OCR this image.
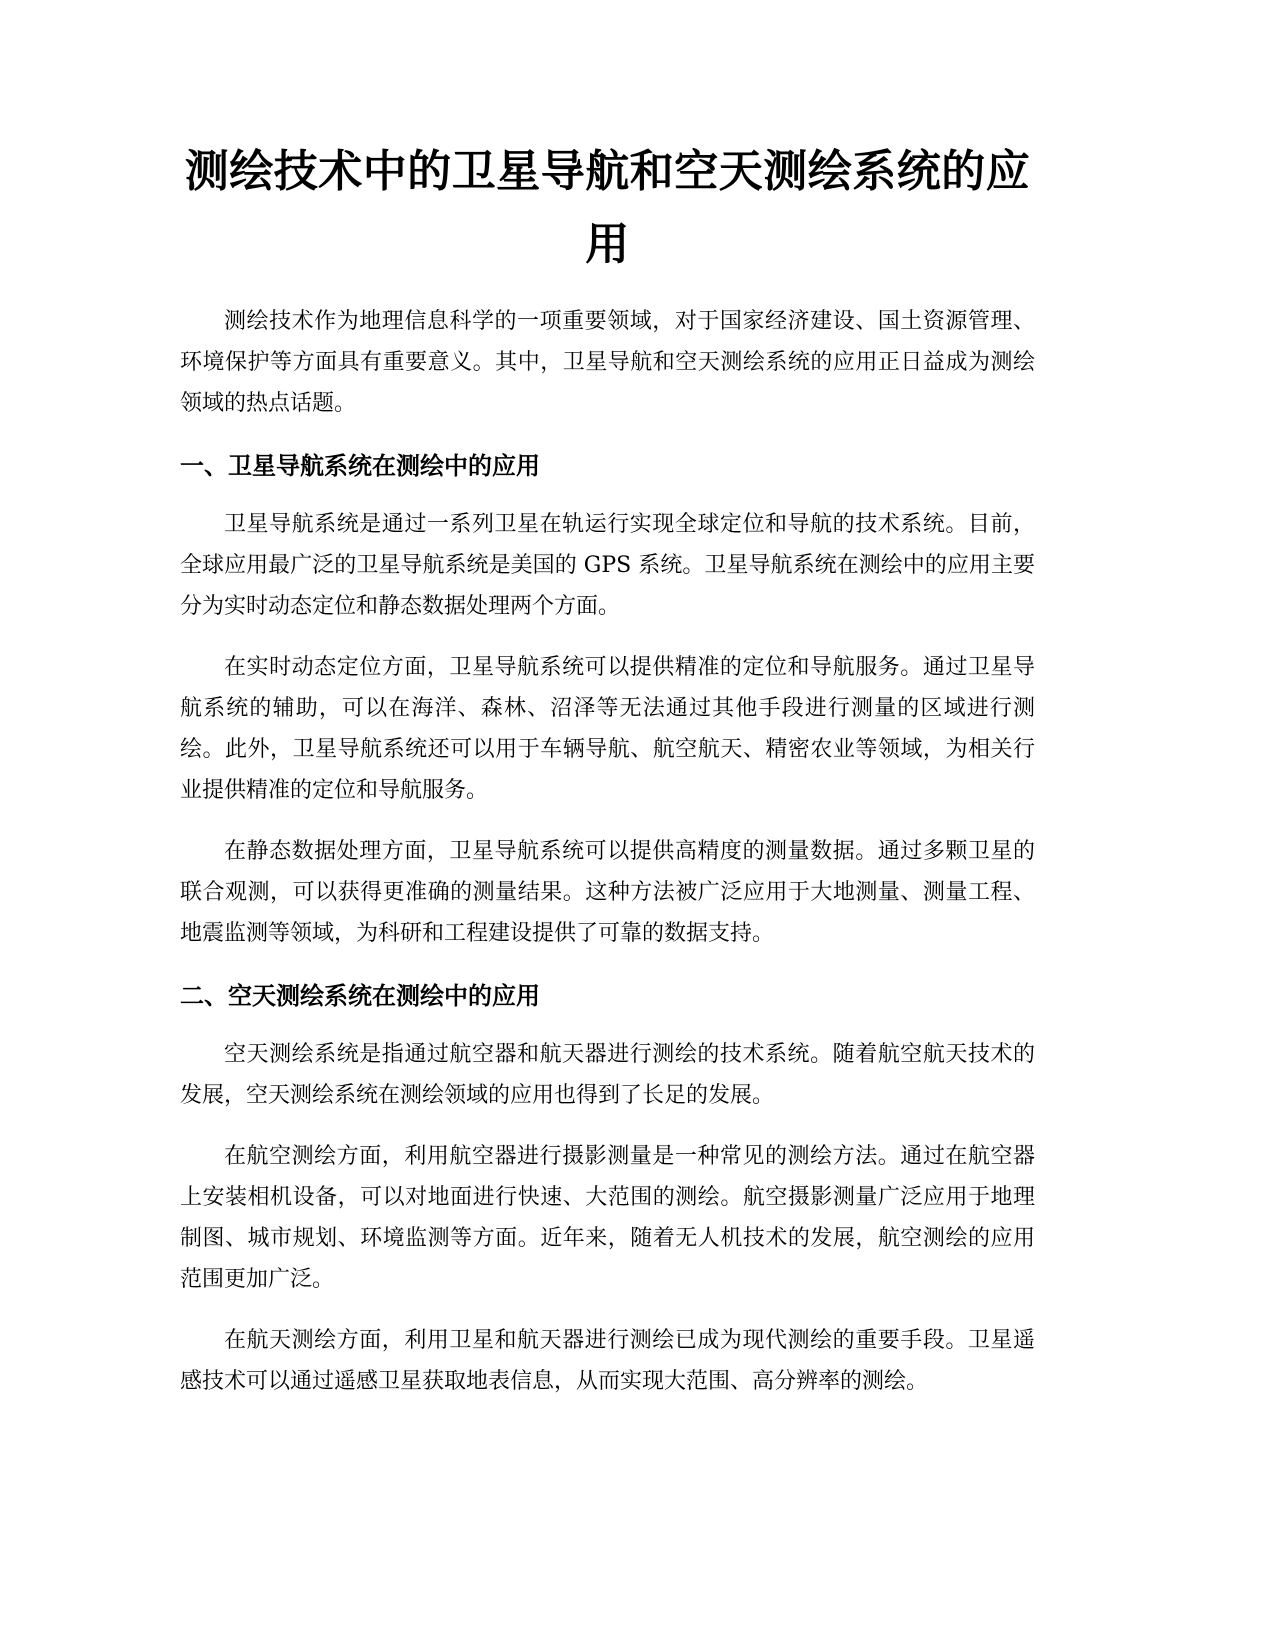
测绘技术中的卫星导航和空天测绘系统的应用

测绘技术作为地理信息科学的一项重要领域，对于国家经济建设、国土资源管理、环境保护等方面具有重要意义。其中，卫星导航和空天测绘系统的应用正日益成为测绘领域的热点话题。

一、卫星导航系统在测绘中的应用

卫星导航系统是通过一系列卫星在轨运行实现全球定位和导航的技术系统。目前，全球应用最广泛的卫星导航系统是美国的 GPS 系统。卫星导航系统在测绘中的应用主要分为实时动态定位和静态数据处理两个方面。

在实时动态定位方面，卫星导航系统可以提供精准的定位和导航服务。通过卫星导航系统的辅助，可以在海洋、森林、沼泽等无法通过其他手段进行测量的区域进行测绘。此外，卫星导航系统还可以用于车辆导航、航空航天、精密农业等领域，为相关行业提供精准的定位和导航服务。

在静态数据处理方面，卫星导航系统可以提供高精度的测量数据。通过多颗卫星的联合观测，可以获得更准确的测量结果。这种方法被广泛应用于大地测量、测量工程、地震监测等领域，为科研和工程建设提供了可靠的数据支持。

二、空天测绘系统在测绘中的应用

空天测绘系统是指通过航空器和航天器进行测绘的技术系统。随着航空航天技术的发展，空天测绘系统在测绘领域的应用也得到了长足的发展。

在航空测绘方面，利用航空器进行摄影测量是一种常见的测绘方法。通过在航空器上安装相机设备，可以对地面进行快速、大范围的测绘。航空摄影测量广泛应用于地理制图、城市规划、环境监测等方面。近年来，随着无人机技术的发展，航空测绘的应用范围更加广泛。

在航天测绘方面，利用卫星和航天器进行测绘已成为现代测绘的重要手段。卫星遥感技术可以通过遥感卫星获取地表信息，从而实现大范围、高分辨率的测绘。
